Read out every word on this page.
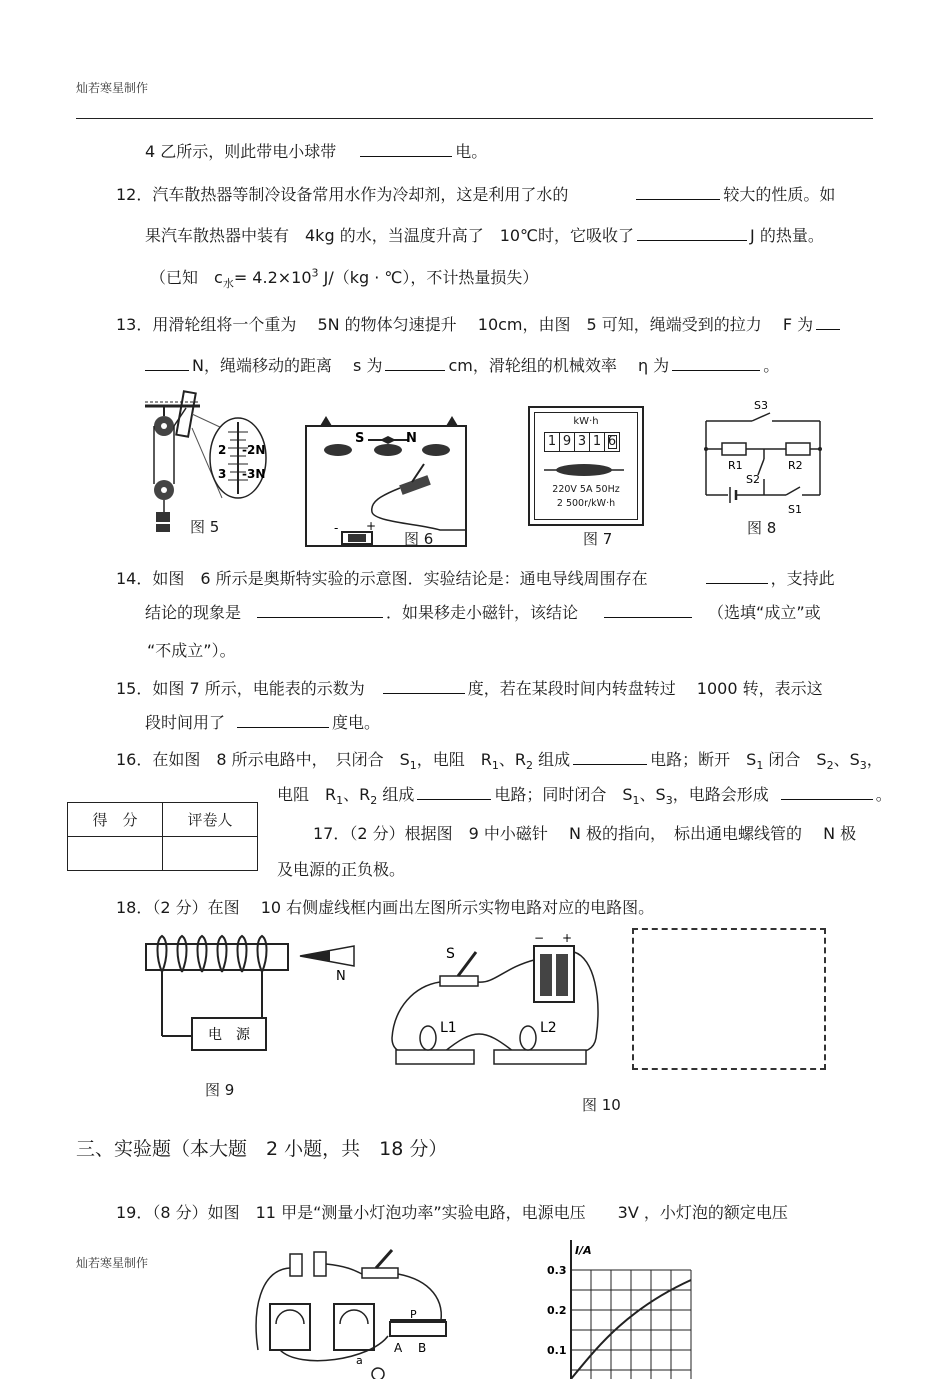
灿若寒星制作
4 乙所示，则此带电小球带	电。
12．汽车散热器等制冷设备常用水作为冷却剂，这是利用了水的	较大的性质。如
果汽车散热器中装有　4kg 的水，当温度升高了　10℃时，它吸收了	J 的热量。
（已知　$c_水= 4.2\times 10^3$ J/（kg · ℃），不计热量损失）
13．用滑轮组将一个重为　 5N 的物体匀速提升　 10cm，由图　5 可知，绳端受到的拉力　 F 为
N，绳端移动的距离　 s 为	cm，滑轮组的机械效率　 η 为	。
2 -2N
3 -3N
图 5
S	N
- +
图 6
kW·h
1 9 3 1 6
220V 5A 50Hz
2 500r/kW·h
图 7
S3
R1	R2
S2
S1
图 8
14．如图　6 所示是奥斯特实验的示意图．实验结论是：通电导线周围存在	，支持此
结论的现象是	．如果移走小磁针，该结论	（选填“成立”或
“不成立”）。
15．如图 7 所示，电能表的示数为	度，若在某段时间内转盘转过　 1000 转，表示这
段时间用了	度电。
16．在如图　8 所示电路中，　只闭合　$S_1$，电阻　$R_1$、$R_2$ 组成	电路；断开　$S_1$ 闭合　$S_2$、$S_3$，
电阻　$R_1$、$R_2$ 组成	电路；同时闭合　$S_1$、$S_3$，电路会形成	。
得　分	评卷人

17．（2 分）根据图　9 中小磁针　 N 极的指向，　标出通电螺线管的　 N 极
及电源的正负极。
18．（2 分）在图　 10 右侧虚线框内画出左图所示实物电路对应的电路图。
电　源
N
图 9
S
− +
L1	L2
图 10
三、实验题（本大题　2 小题，共　18 分）
19．（8 分）如图　11 甲是“测量小灯泡功率”实验电路，电源电压　　3V ，小灯泡的额定电压
灿若寒星制作
P
A B
a
I/A
0.3
0.2
0.1
